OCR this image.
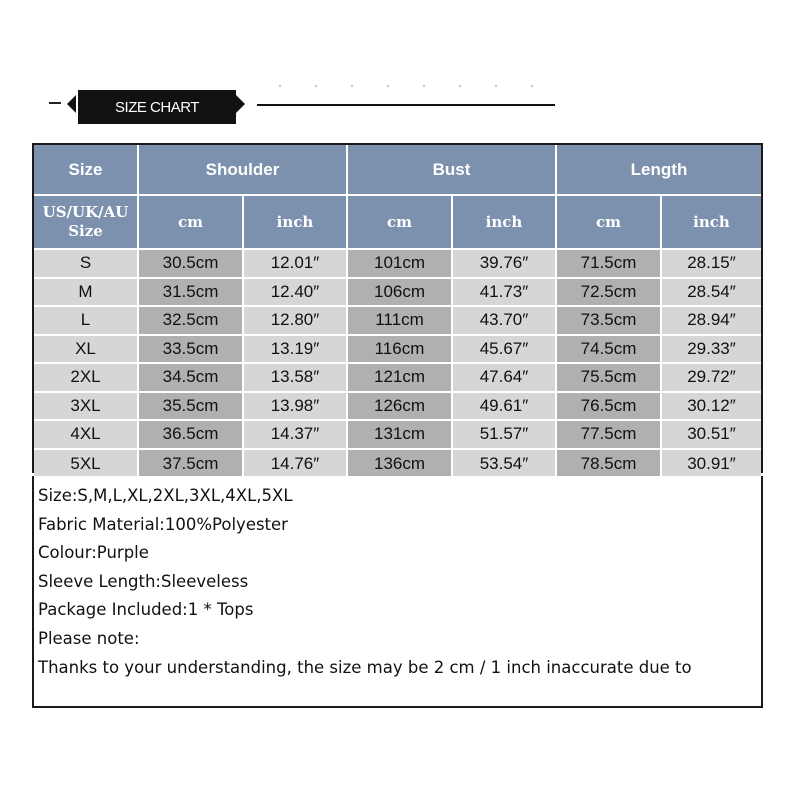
SIZE CHART
Size	Shoulder		Bust		Length	
US/UK/AU
Size	cm	inch	cm	inch	cm	inch
S	30.5cm	12.01″	101cm	39.76″	71.5cm	28.15″
M	31.5cm	12.40″	106cm	41.73″	72.5cm	28.54″
L	32.5cm	12.80″	111cm	43.70″	73.5cm	28.94″
XL	33.5cm	13.19″	116cm	45.67″	74.5cm	29.33″
2XL	34.5cm	13.58″	121cm	47.64″	75.5cm	29.72″
3XL	35.5cm	13.98″	126cm	49.61″	76.5cm	30.12″
4XL	36.5cm	14.37″	131cm	51.57″	77.5cm	30.51″
5XL	37.5cm	14.76″	136cm	53.54″	78.5cm	30.91″
Size:S,M,L,XL,2XL,3XL,4XL,5XL
Fabric Material:100%Polyester
Colour:Purple
Sleeve Length:Sleeveless
Package Included:1 * Tops
Please note:
Thanks to your understanding, the size may be 2 cm / 1 inch inaccurate due to
